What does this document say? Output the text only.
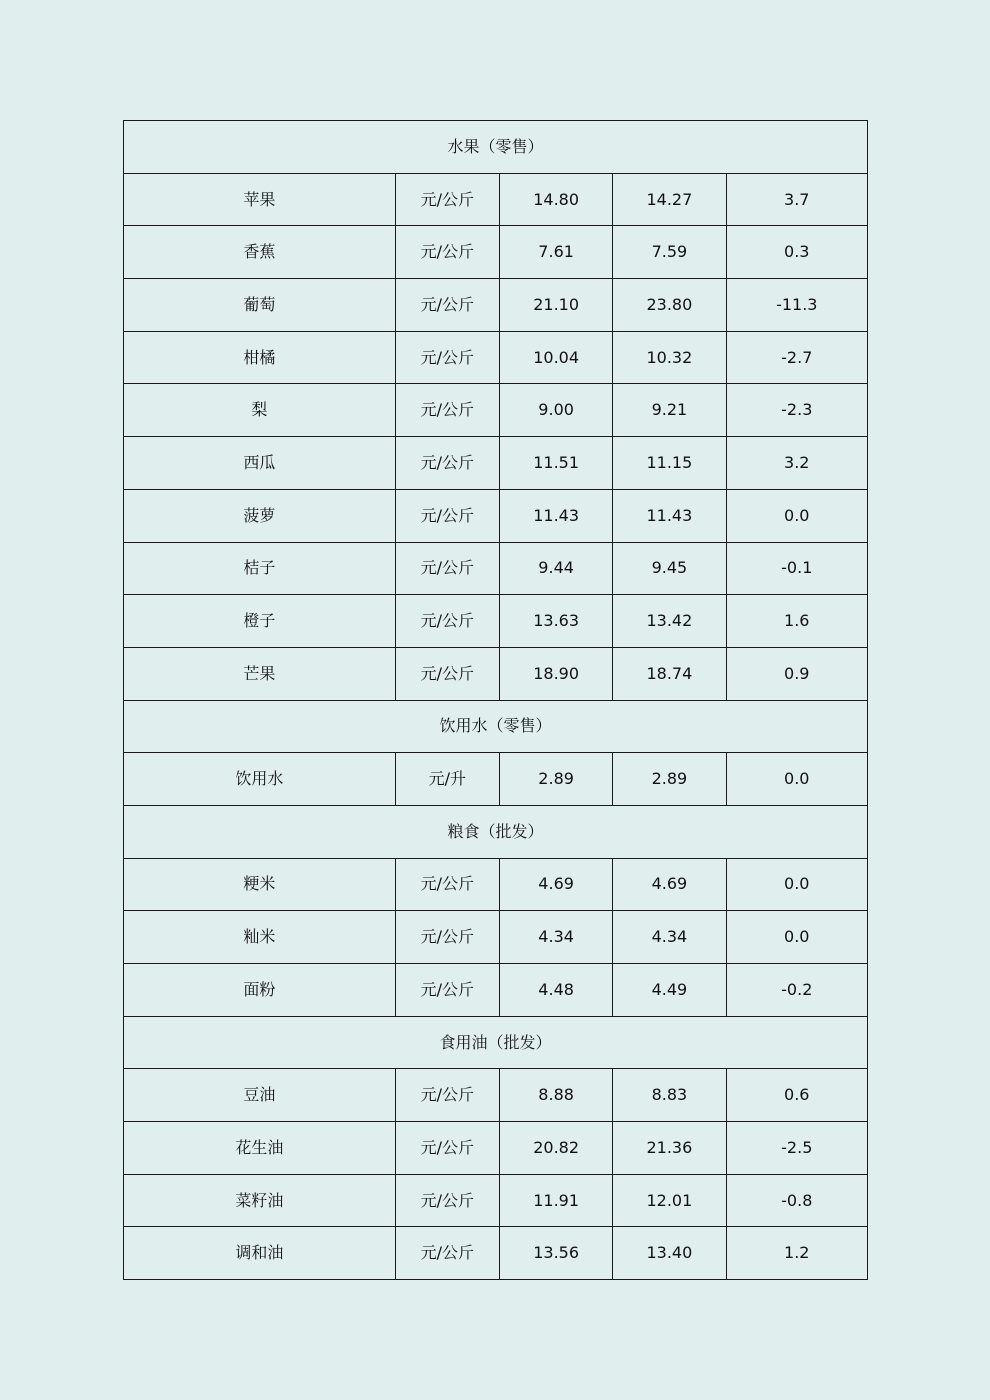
水果（零售）				
苹果	元/公斤	14.80	14.27	3.7
香蕉	元/公斤	7.61	7.59	0.3
葡萄	元/公斤	21.10	23.80	-11.3
柑橘	元/公斤	10.04	10.32	-2.7
梨	元/公斤	9.00	9.21	-2.3
西瓜	元/公斤	11.51	11.15	3.2
菠萝	元/公斤	11.43	11.43	0.0
桔子	元/公斤	9.44	9.45	-0.1
橙子	元/公斤	13.63	13.42	1.6
芒果	元/公斤	18.90	18.74	0.9
饮用水（零售）				
饮用水	元/升	2.89	2.89	0.0
粮食（批发）				
粳米	元/公斤	4.69	4.69	0.0
籼米	元/公斤	4.34	4.34	0.0
面粉	元/公斤	4.48	4.49	-0.2
食用油（批发）				
豆油	元/公斤	8.88	8.83	0.6
花生油	元/公斤	20.82	21.36	-2.5
菜籽油	元/公斤	11.91	12.01	-0.8
调和油	元/公斤	13.56	13.40	1.2
